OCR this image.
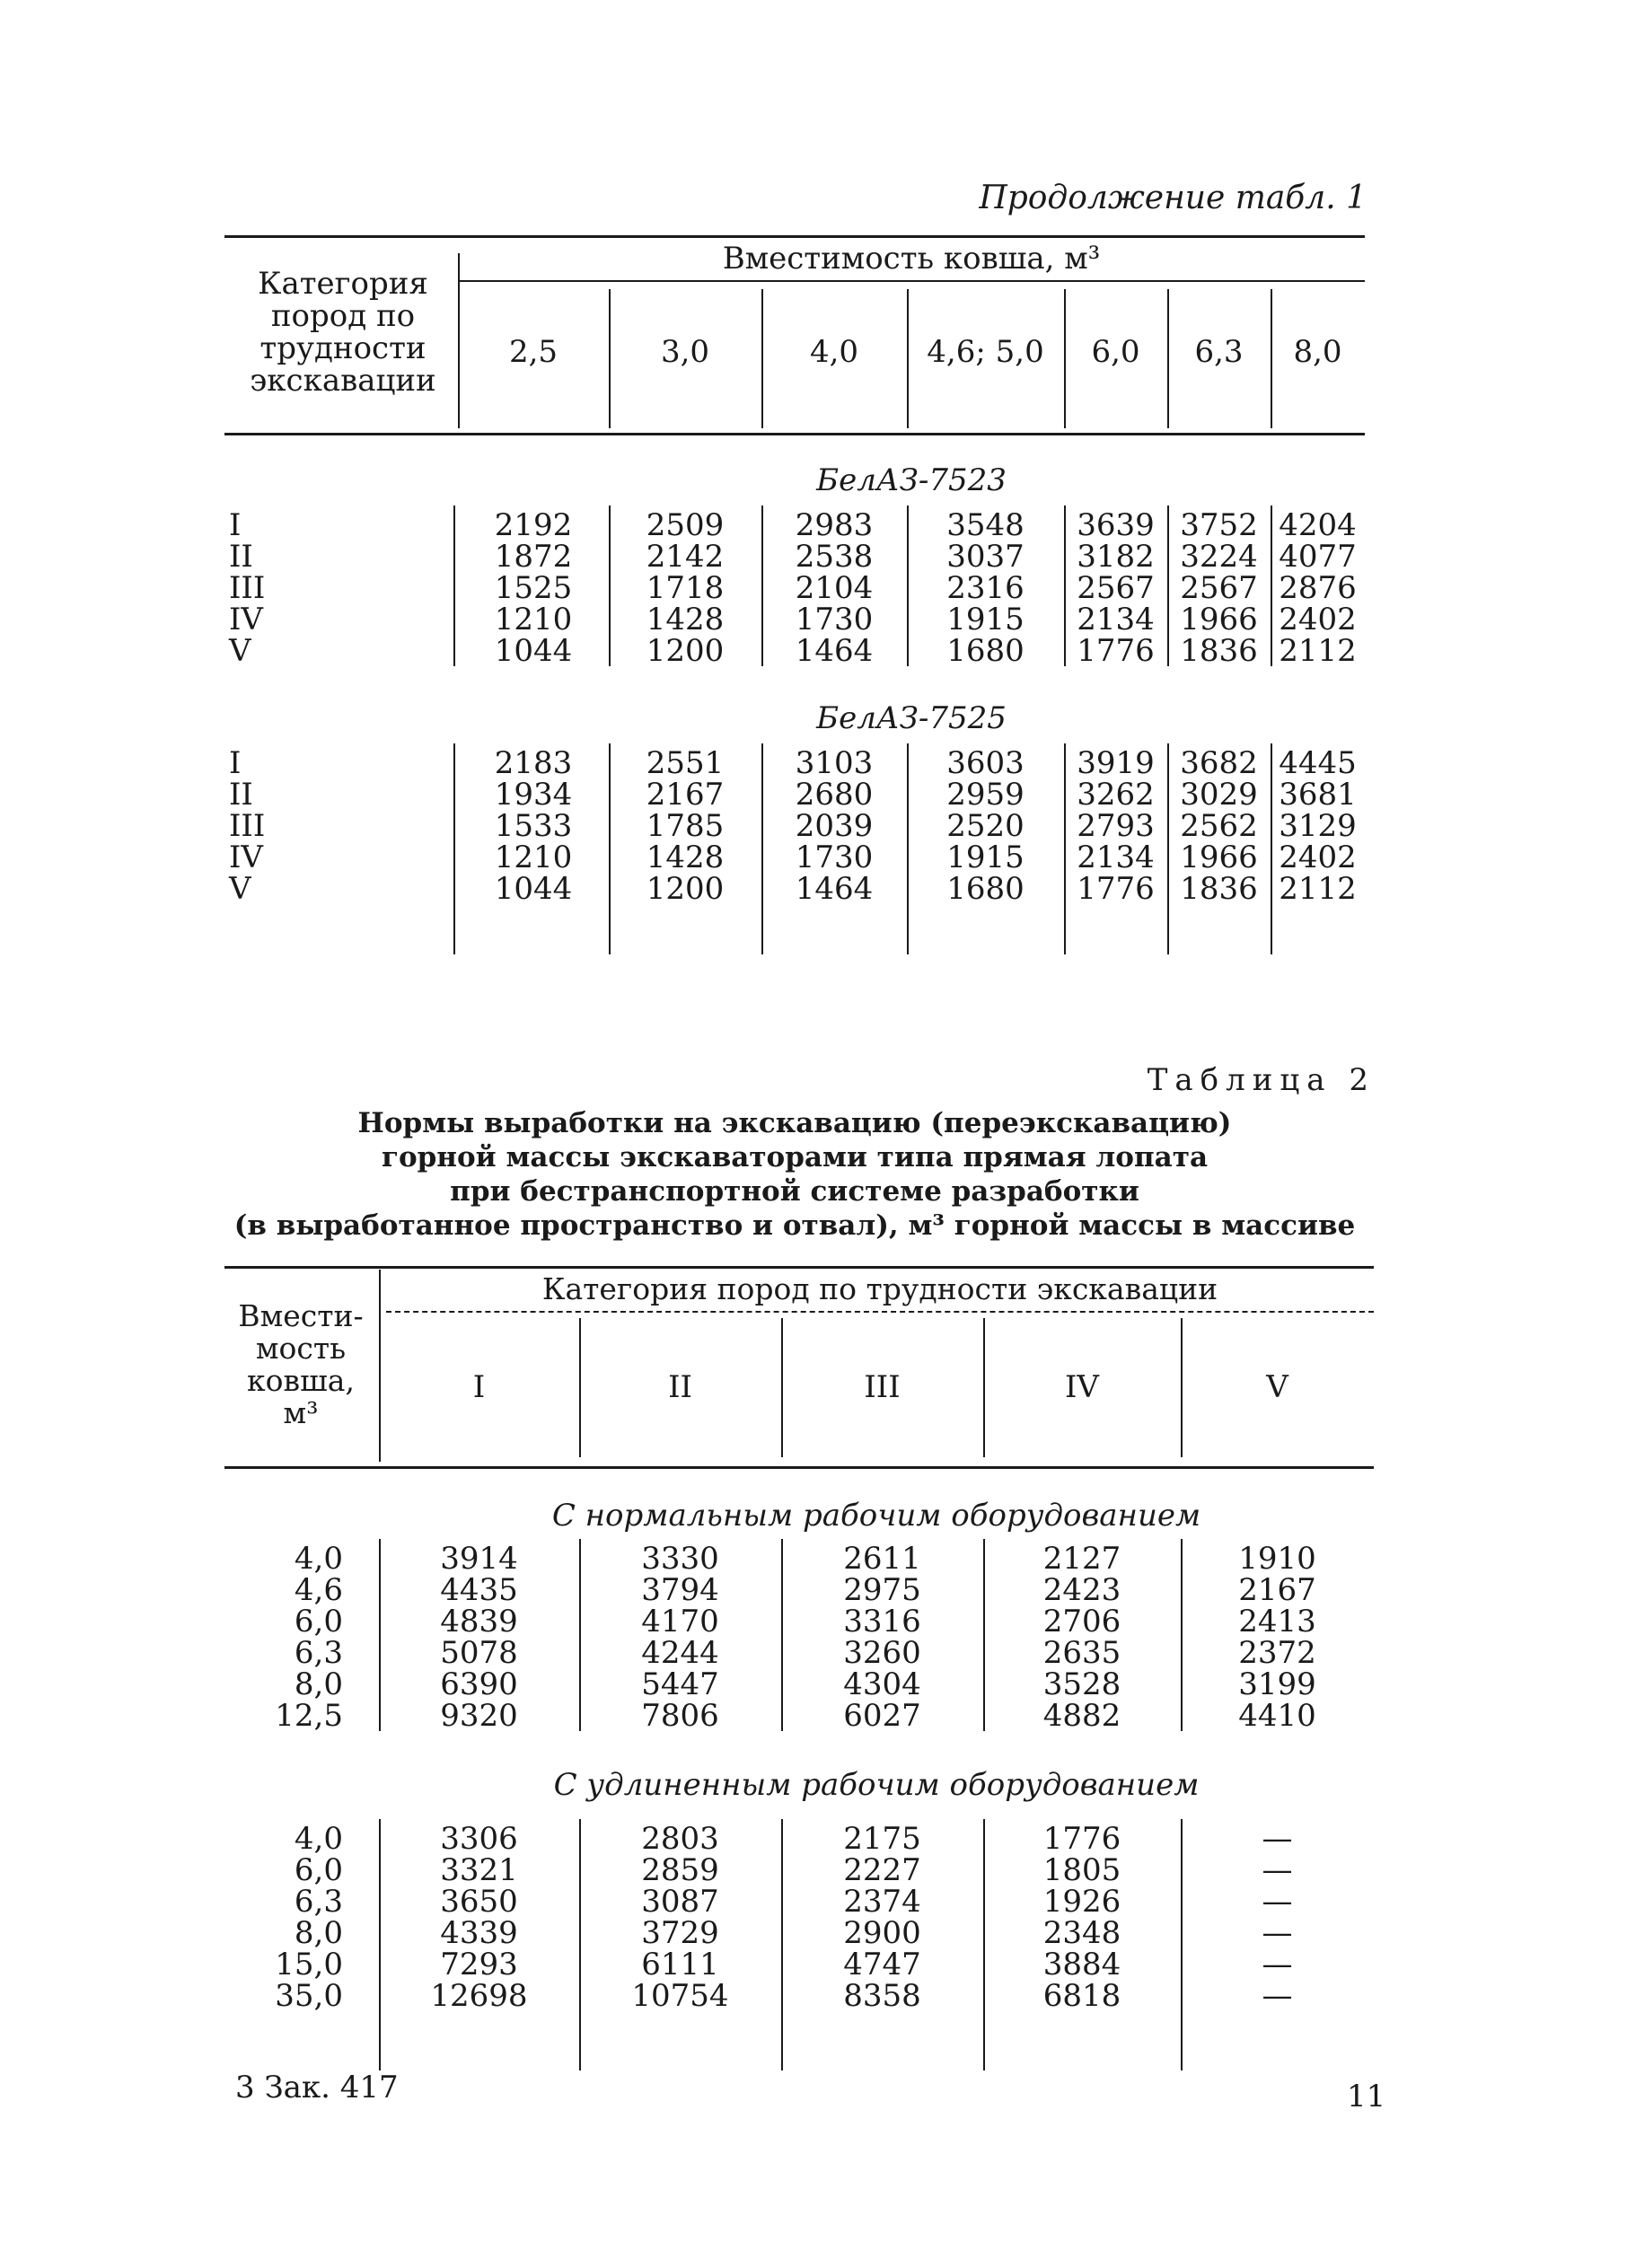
Продолжение табл. 1
Категория
пород по
трудности
экскавации
Вместимость ковша, м³
2,5	3,0	4,0	4,6; 5,0	6,0	6,3	8,0
БелАЗ-7523
I	2192	2509	2983	3548	3639 3752 4204
II	1872	2142	2538	3037	3182 3224 4077
III	1525	1718	2104	2316	2567 2567 2876
IV	1210	1428	1730	1915	2134 1966 2402
V	1044	1200	1464	1680	1776 1836 2112
БелАЗ-7525
I	2183	2551	3103	3603	3919 3682 4445
II	1934	2167	2680	2959	3262 3029 3681
III	1533	1785	2039	2520	2793 2562 3129
IV	1210	1428	1730	1915	2134 1966 2402
V	1044	1200	1464	1680	1776 1836 2112
Таблица 2
Нормы выработки на экскавацию (переэкскавацию)
горной массы экскаваторами типа прямая лопата
при бестранспортной системе разработки
(в выработанное пространство и отвал), м³ горной массы в массиве
Вмести-
мость
ковша,
м³
Категория пород по трудности экскавации
I	II	III	IV	V
С нормальным рабочим оборудованием
4,0	3914	3330	2611	2127	1910
4,6	4435	3794	2975	2423	2167
6,0	4839	4170	3316	2706	2413
6,3	5078	4244	3260	2635	2372
8,0	6390	5447	4304	3528	3199
12,5	9320	7806	6027	4882	4410
С удлиненным рабочим оборудованием
4,0	3306	2803	2175	1776	—
6,0	3321	2859	2227	1805	—
6,3	3650	3087	2374	1926	—
8,0	4339	3729	2900	2348	—
15,0	7293	6111	4747	3884	—
35,0	12698	10754	8358	6818	—
3 Зак. 417	11
